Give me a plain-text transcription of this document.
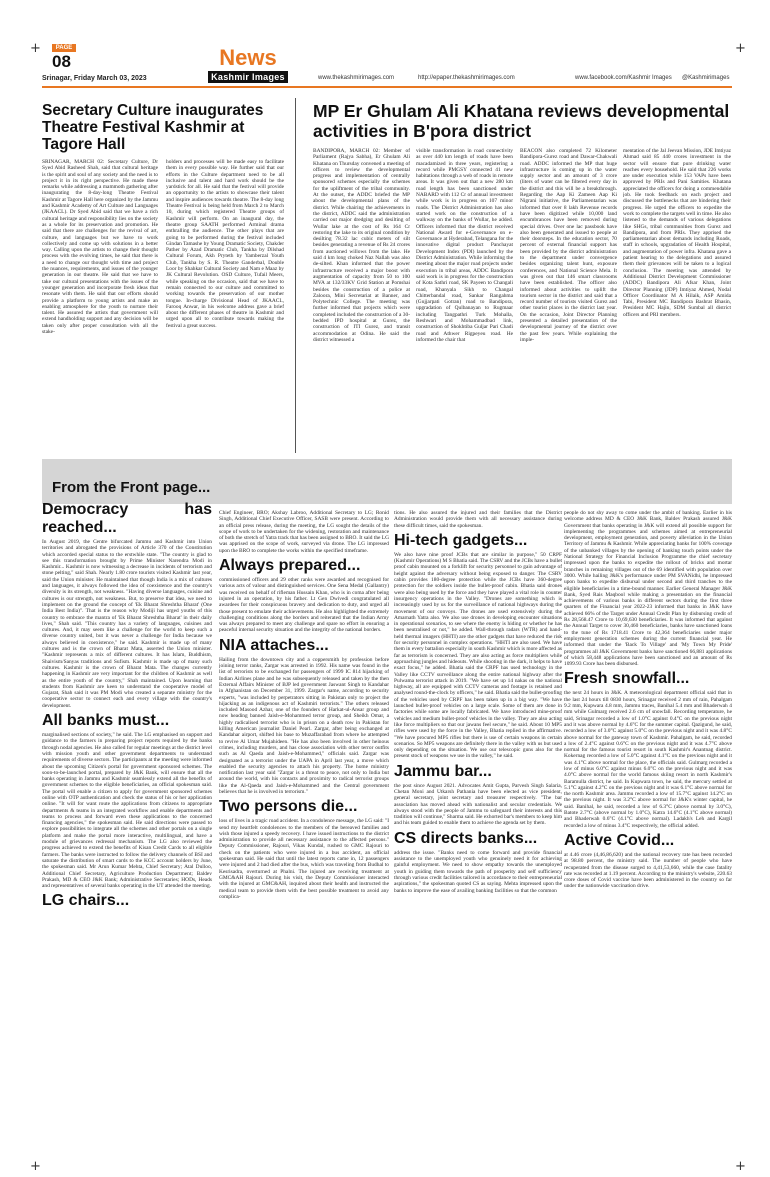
+	+
+	+
PAGE
08	News
Kashmir Images
Srinagar, Friday March 03, 2023	www.thekashmirimages.com	http://epaper.thekashmirimages.com	www.facebook.com/Kashmir Images @Kashmirimages
Secretary Culture inaugurates Theatre Festival Kashmir at Tagore Hall

SRINAGAR, MARCH 02: Secretary Culture, Dr Syed Abid Rasheed Shah, said that cultural heritage is the spirit and soul of any society and the need is to project it in its right perspective. He made these remarks while addressing a mammoth gathering after inaugurating the 8-day-long Theatre Festival Kashmir at Tagore Hall here organized by the Jammu and Kashmir Academy of Art Culture and Languages (JKAACL). Dr Syed Abid said that we have a rich cultural heritage and responsibility lies on the society as a whole for its preservation and promotion. He said that there are challenges for the revival of art, culture, and languages but we have to work collectively and come up with solutions in a better way. Calling upon the artists to change their thought process with the evolving times, he said that there is a need to change our thought with time and project the nuances, requirements, and issues of the younger generation in our theatre. He said that we have to take our cultural presentations with the issues of the younger generation and incorporate fresh ideas that resonate with them. He said that our efforts should provide a platform to young artists and make an enabling atmosphere for the youth to nurture their talent. He assured the artists that government will extend handholding support and any decision will be taken only after proper consultation with all the stake-

holders and processes will be made easy to facilitate them in every possible way. He further said that our efforts in the Culture department need to be all inclusive and talent and hard work should be the yardstick for all. He said that the festival will provide an opportunity to the artists to showcase their talent and inspire audiences towards theatre. The 8-day long Theatre Festival is being held from March 2 to March 10, during which registered Theatre groups of Kashmir will perform. On an inaugural day, the theatre group SAATH performed Arminal drama enthralling the audience. The other plays that are going to be performed during the festival included Gindan Tamashe by Young Dramatic Society, Chakder Pather by Azad Dramatic Club, Tankha by Dilshad Cultural Forum, Akh Pryteth by Yamberzal Youth Club, Tankha by S. R. Theatre Ganderbal, Double Loor by Shahkar Cultural Society and Nam e Maaz by JK Cultural Revolution. OSD Culture, Tufail Meers, while speaking on the occasion, said that we have to remain connected to our culture and committed to working towards the preservation of our mother tongue. In-charge Divisional Head of JKAACL, Farooq Anwar, in his welcome address gave a brief about the different phases of theatre in Kashmir and urged upon all to contribute towards making the festival a great success.

MP Er Ghulam Ali Khatana reviews developmental activities in B'pora district

BANDIPORA, MARCH 02: Member of Parliament (Rajya Sabha), Er Ghulam Ali Khatana on Thursday convened a meeting of officers to review the developmental progress and implementation of centrally sponsored schemes especially the schemes for the upliftment of the tribal community. At the outset, the ADDC briefed the MP about the developmental plans of the district. While chairing the achievements in the district, ADDC said the administration carried out major dredging and desilting of Wullar lake at the cost of Rs 164 Cr restoring the lake to its original condition by desilting 78.32 lac cubic meters of silt besides generating a revenue of Rs 24 crores from auctioned willows from the lake. He said 4 km long choked Naz Nallah was also de-silted. Khan informed that the power infrastructure received a major boost with augmentation of capacity from 50 to 100 MVA at 132/33KV Grid Station at Pomshai besides the construction of a police at Zaloora, Mini Secretariat at Banner, and Polytechnic College. The meeting was further informed that projects which were completed included the construction of a 30-bedded IPD hospital at Gurez, the construction of ITI Gurez, and transit accommodation at Odina. He said the district witnessed a

visible transformation in road connectivity as over 440 km length of roads have been macadamized in three years, registering a record while PMGSY connected 41 new habitations through a web of roads in remote areas. It was given out that a new 280 km road length has been sanctioned under NABARD with 112 Cr of annual investment while work is in progress on 107 minor roads. The District Administration has also started work on the construction of a walkway on the banks of Wullar, he added. Officers informed that the district received National Award for e-Governance on e-Governance at Hyderabad, Telangana for the innovative digital product Panchayat Development Index (PDI) launched by the District Administration. While informing the meeting about the major road projects under execution in tribal areas, ADDC Bandipora said work is in progress for the construction of Kota Sathri road, SK Payeen to Changali road, Khanyala Sikh to Changal Chitterbandal road, Sankar Rangahma (Gujjarpati Gotran) road to Bandipora, upgradation of Qulbanayan to Rugmaar including Tangpathri Turk Mohalla, Reshwari and Mohammadbad link, construction of Shokhtiba Guljar Pari Chadi road and Athwer Rigpeyeu road. He informed the chair that

BEACON also completed 72 Kilometer Bandipora-Gurez road and Dawar-Chakwali road. ADDC informed the MP that huge infrastructure is coming up in the water supply sector and an amount of 3 crore (liters of water can be filtered every day in the district and this will be a breakthrough. Regarding the Aap Ki Zameen Aap Ki Nigrani initiative, the Parliamentarian was informed that over 8 lakh Revenue records have been digitized while 10,000 land encumbrances have been removed during special drives. Over one lac passbook have also been generated and issued to people at their doorsteps. In the education sector, 70 percent of external financial support has been provided by the district administration to the department under convergence besides organizing talent hunt, exposure conferences, and National Science Mela. It was given out that 146 smart classrooms have been established. The officer also informed about activities to uplift the tourism sector in the district and said that a record number of tourists visited Gurez and other tourist places in the district last year. On the occasion, Joint Director Planning presented a detailed presentation of the developmental journey of the district over the past few years. While explaining the imple-

mentation of the Jal Jeevan Mission, JDE Imtiyaz Ahmad said 85 440 crores investment in the sector will ensure that pure drinking water reaches every household. He said that 226 works are under execution while 153 VAPs have been approved by PRIs and Pani Samities. Khatana appreciated the officers for doing a commendable job. He took feedback on each project and discussed the bottlenecks that are hindering their progress. He urged the officers to expedite the work to complete the targets well in time. He also listened to the demands of various delegations like SHGs, tribal communities from Gurez and Bandipora, and from PRIs. They apprised the parliamentarian about demands including Roads, staff in schools, upgradation of Health Hospital, and augmentation of power infra. Khatana gave a patient hearing to the delegations and assured them their grievances will be taken to a logical conclusion. The meeting was attended by Additional District Development Commissioner (ADDC) Bandipora Ali Afsar Khan, Joint Director Planning (JDP) Imtiyaz Ahmed, Nodal Officer Coordinator M A Hilaik, ASP Amida Tabi, President MC Bandipora Bashrat Bhasin, President MC Hajin, SDM Sumbal all district officers and PRI members.

From the Front page...
Democracy has reached...

In August 2019, the Centre bifurcated Jammu and Kashmir into Union territories and abrogated the provisions of Article 370 of the Constitution which accorded special status to the erstwhile state. "The country is glad to see this transformation brought by Prime Minister Narendra Modi in Kashmir... Kashmir is now witnessing a decrease in incidents of terrorism and stone pelting," said Shah. Nearly 1.80 crore tourists visited Kashmir last year, said the Union minister. He maintained that though India is a mix of cultures and languages, it always followed the idea of coexistence and the country's diversity is its strength, not weakness. "Having diverse languages, cuisine and cultures is our strength, not weakness. But, to preserve that idea, we need to implement on the ground the concept of 'Ek Bharat Shreshtha Bharat' (One India Best India)". That is the reason why Modiji has urged youths of this country to embrace the mantra of 'Ek Bharat Shreshtha Bharat' in their daily lives," Shah said. "This country has a variety of languages, cuisines and cultures. And, it may seem like a challenge for the world to keep such a diverse country united, but it was never a challenge for India because we always believed in coexistence," he said. Kashmir is made up of many cultures and is the crown of Bharat Mata, asserted the Union minister. "Kashmir represents a mix of different cultures. It has Islam, Buddhism, Shaivism/Sanyas traditions and Sufism. Kashmir is made up of many such cultures. Kashmir is the crown of Bharat Mata. The changes currently happening in Kashmir are very important for the children of Kashmir as well as the entire youth of the country," Shah maintained. Upon learning that students from Kashmir are keen to understand the cooperative model of Gujarat, Shah said it was PM Modi who created a separate ministry for the cooperative sector to connect each and every village with the country's development.

All banks must...

marginalised sections of society," he said. The LG emphasised on support and guidance to the farmers in preparing project reports required by the banks through nodal agencies. He also called for regular meetings at the district level with mission youth and other government departments to understand requirements of diverse sectors. The participants at the meeting were informed about the upcoming Citizen's portal for government sponsored schemes. The soon-to-be-launched portal, prepared by J&K Bank, will ensure that all the banks operating in Jammu and Kashmir seamlessly extend all the benefits of government schemes to the eligible beneficiaries, an official spokesman said. The portal will enable a citizen to apply for government sponsored schemes online with OTP authentication and check the status of his or her application online. "It will for want route the applications from citizens to appropriate departments & teams in an integrated workflow and enable departments and teams to process and forward even these applications to the concerned financing agencies," the spokesman said. He said directions were passed to explore possibilities to integrate all the schemes and other portals on a single platform and make the portal more interactive, multilingual, and have a module of grievances redressal mechanism. The LG also reviewed the progress achieved to extend the benefits of Kisan Credit Cards to all eligible farmers. The banks were instructed to follow the delivery channels of BSI and saturate the distribution of smart cards to the KCC account holders by June, the spokesman said. Mr Arun Kumar Mehta, Chief Secretary; Atal Dulloo, Additional Chief Secretary, Agriculture Production Department; Baldev Prakash, MD & CEO J&K Bank; Administrative Secretaries; HODs, Heads and representatives of several banks operating in the UT attended the meeting.

LG chairs...

Chief Engineer, BRO; Akshay Labroo, Additional Secretary to LG; Ronid Singh, Additional Chief Executive Officer, SASB were present. According to an official press release, during the meeting, the LG sought the details of the scope of work to be undertaken for the widening, restoration and maintenance of both the stretch of Yatra track that has been assigned to BRO. It said the LG was apprised on the scope of work, surveyed via drone. The LG impressed upon the BRO to complete the works within the specified timeframe.

Always prepared...

commissioned officers and 29 other ranks were awarded and recognised for various acts of valour and distinguished services. One Sena Medal (Gallantry) was received on behalf of rifleman Hussain Khan, who is in coma after being injured in an operation, by his father. Lt Gen Dwivedi congratulated all awardees for their conspicuous bravery and dedication to duty, and urged all those present to emulate their achievements. He also highlighted the extremely challenging conditions along the borders and reiterated that the Indian Army was always prepared to meet any challenge and spare no effort in ensuring a peaceful internal security situation and the integrity of the national borders.

NIA attaches...

Hailing from the downtown city and a coppersmith by profession before joining terror ranks, Zargar was arrested in 1992. His name was found in the list of terrorists to be exchanged for passengers of 1999 IC 814 hijacking of Indian Airlines plane and he was subsequently released and taken by the then External Affairs Minister of BJP led government Jaswant Singh to Kandahar in Afghanistan on December 31, 1999. Zargar's name, according to security experts, "was included by perpetrators sitting in Pakistan only to project the hijacking as an indigenous act of Kashmiri terrorists." The others released included Masood Azhar, one of the founders of Harkat-ul-Ansar group and now heading banned Jaish-e-Mohammed terror group, and Sheikh Omar, a highly radicalised terrorist who is in prison on a death row in Pakistan for killing American journalist Daniel Pearl. Zargar, after being exchanged at Kandahar airport, shifted his base to Muzaffarabad from where he attempted to revive Al Umar Mujahideen. "He has also been involved in other heinous crimes, including murders, and has close association with other terror outfits such as Al Qaeda and Jaish-e-Mohammed," officials said. Zargar was designated as a terrorist under the UAPA in April last year, a move which enabled the security agencies to attach his property. The home ministry notification last year said "Zargar is a threat to peace, not only to India but around the world, with his contacts and proximity to radical terrorist groups like the Al-Qaeda and Jaish-e-Mohammed and the Central government believes that he is involved in terrorism."

Two persons die...

loss of lives in a tragic road accident. In a condolence message, the LG said: "I send my heartfelt condolences to the members of the bereaved families and wish those injured a speedy recovery. I have issued instructions to the district administration to provide all necessary assistance to the affected persons." Deputy Commissioner, Rajouri, Vikas Kundal, rushed to GMC Rajouri to check on the patients who were injured in a bus accident, an official spokesman said. He said that until the latest reports came in, 12 passengers were injured and 2 had died after the bus, which was traveling from Budhal to Kesrisadra, overturned at Phalni. The injured are receiving treatment at GMC&AH Rajouri. During his visit, the Deputy Commissioner interacted with the injured at GMC&AH, inquired about their health and instructed the medical team to provide them with the best possible treatment to avoid any complica-

tions. He also assured the injured and their families that the District Administration would provide them with all necessary assistance during these difficult times, said the spokesman.

Hi-tech gadgets...

We also have nine proof JCBs that are similar in purpose," 50 CRPF (Kashmir Operations) M S Bhatia said. The CSRV and the JCBs have a bullet proof cabin mounted on a forklift for security personnel to gain advantage of height against the adversary without being exposed to danger. The CSRV cabin provides 180-degree protection while the JCBs have 360-degree protection for the soldiers inside the bullet-proof cabin. Bhatia said drones were also being used by the force and they have played a vital role in counter insurgency operations in the Valley. "Drones are something which is increasingly used by us for the surveillance of national highways during the movement of our convoys. The drones are used extensively during the Amarnath Yatra also. We also use drones in developing encounter situations in operational scenarios, to see where the enemy is hiding or whether he has been neutralised or not," he added. Wall-through radars (WTR) and hand-held thermal imagers (HHTI) are the other gadgets that have reduced the risk for security personnel in complex operations. "HHTI are also used. We have them in every battalion especially in south Kashmir which is more affected as far as terrorism is concerned. They are also acting as force multipliers while approaching jungles and hideouts. While shooting in the dark, it helps to have exact focus," he added. Bhatia said the CRPF has used technology in the Valley like CCTV surveillance along the entire national highway after the Pulwama terrorist attack in 2019. "We have set up 14 nakas on the national highway, all are equipped with CCTV cameras and footage is retained and analysed round-the-clock by officers," he said. Bhatia said the bullet-proofing of the vehicles used by CRPF has been taken up in a big way. "We have launched bullet-proof vehicles on a large scale. Some of them are done in factories while some are locally fabricated. We have introduced mine-proof vehicles and medium bullet-proof vehicles in the valley. They are also acting like force multipliers so that our jawans feel secure," he said. About 10 MP5 rifles were used by the force in the Valley, Bhatia replied in the affirmative. "We have procured MP5 rifles but there is use of certain weapons in certain scenarios. So MP5 weapons are definitely there in the valley with us but used only depending on the situation. We use our telescopic guns also for the present stock of weapons we use in the valley," he said.

Jammu bar...

the post since August 2021. Advocates Amit Gupta, Parvesh Singh Salaria, Chetan Moni and Utkarsh Pathania have been elected as vice president, general secretary, joint secretary and treasurer respectively. "The bar association has moved ahead with nationalist and secular credentials. We always stood with the people of Jammu to safeguard their interests and this tradition will continue," Sharma said. He exhorted bar's members to keep him and his team guided to enable them to achieve the agenda set by them.

CS directs banks...

address the issue. "Banks need to come forward and provide financial assistance to the unemployed youth who genuinely need it for achieving gainful employment. We need to show empathy towards the unemployed youth in guiding them towards the path of prosperity and self sufficiency through various credit facilities tailored in accordance to their entrepreneurial aspirations," the spokesman quoted CS as saying. Mehta impressed upon the banks to improve the ease of availing banking facilities so that the common

people do not shy away to come under the ambit of banking. Earlier in his welcome address MD & CEO J&K Bank, Baldev Prakash assured J&K Government that banks operating in J&K will extend all possible support for implementing the programmes and schemes aimed at entrepreneurial development, employment generation, and poverty alleviation in the Union Territory of Jammu & Kashmir. While appreciating banks for 100% coverage of the unbanked villages by the opening of banking touch points under the National Strategy for Financial Inclusion Programme the chief secretary impressed upon the banks to expedite the rollout of bricks and mortar branches in remaining villages out of the 69 identified with population over 3000. While hailing J&K's performance under PM SVANidhi, he impressed upon banks to expedite disbursal under second and third tranches to the eligible beneficiaries in a time-bound manner. Earlier General Manager J&K Bank, Syed Rais Maqbool while making a presentation on the financial achievements of various banks in different sectors during the first three quarters of the Financial year 2022-23 informed that banks in J&K have achieved 66% of the Target under Annual Credit Plan by disbursing credit of Rs 28,568.47 Crore to 10,69,630 beneficiaries. It was informed that against the Annual Target to cover 30,460 beneficiaries, banks have sanctioned loans to the tune of Rs 1718.41 Crore to 42,364 beneficiaries under major employment generation schemes during the current financial year. He informed that under the 'Back To Village' and 'My Town My Pride' programmes all J&K Government banks have sanctioned 66,881 applications of which 58,448 applications have been sanctioned and an amount of Rs 1099.93 Crore has been disbursed.

Fresh snowfall...

the next 24 hours in J&K. A meteorological department official said that in the last 24 hours till 0830 hours, Srinagar received 2 mm of rain, Pahalgam 9.2 mm, Kupwara 4.8 mm, Jammu traces, Banihal 5.4 mm and Bhaderwah 4 mm while Gulmarg received 2.6 cm of snowfall. Recording temperature, he said, Srinagar recorded a low of 1.0°C against 0.4°C on the previous night and it was above normal by 4.6°C for the summer capital. Qazigund, he said, recorded a low of 3.0°C against 5.0°C on the previous night and it was 4.8°C above normal for the gateway town of Kashmir. Pahalgam, he said, recorded a low of 2.4°C against 0.6°C on the previous night and it was 4.7°C above normal for the famous tourist resort in south Kashmir's Anantnag district. Kokernag recorded a low of 5.0°C against 4.1°C on the previous night and it was 4.1°C above normal for the place, the officials said. Gulmarg recorded a low of minus 6.0°C against minus 6.0°C on the previous night and it was 4.0°C above normal for the world famous skiing resort in north Kashmir's Baramulla district, he said. In Kupwara town, he said, the mercury settled at 5.1°C against 4.2°C on the previous night and it was 6.1°C above normal for the north Kashmir area. Jammu recorded a low of 15.7°C against 14.2°C on the previous night. It was 3.2°C above normal for J&K's winter capital, he said. Banihal, he said, recorded a low of 6.3°C (above normal by 3.0°C), Batote 2.7°C (above normal by 1.0°C), Katra 14.6°C (4.1°C above normal) and Bhaderwah 0.6°C (4.1°C above normal). Ladakh's Leh and Kargil recorded a low of minus 3.4°C respectively, the official added.

Active Covid...

at 4.46 crore (4,46,86,620) and the national recovery rate has been recorded at 98.80 percent, the ministry said. The number of people who have recuperated from the disease surged to 4,41,53,660, while the case fatality rate was recorded at 1.19 percent. According to the ministry's website, 220.63 crore doses of Covid vaccine have been administered in the country so far under the nationwide vaccination drive.
